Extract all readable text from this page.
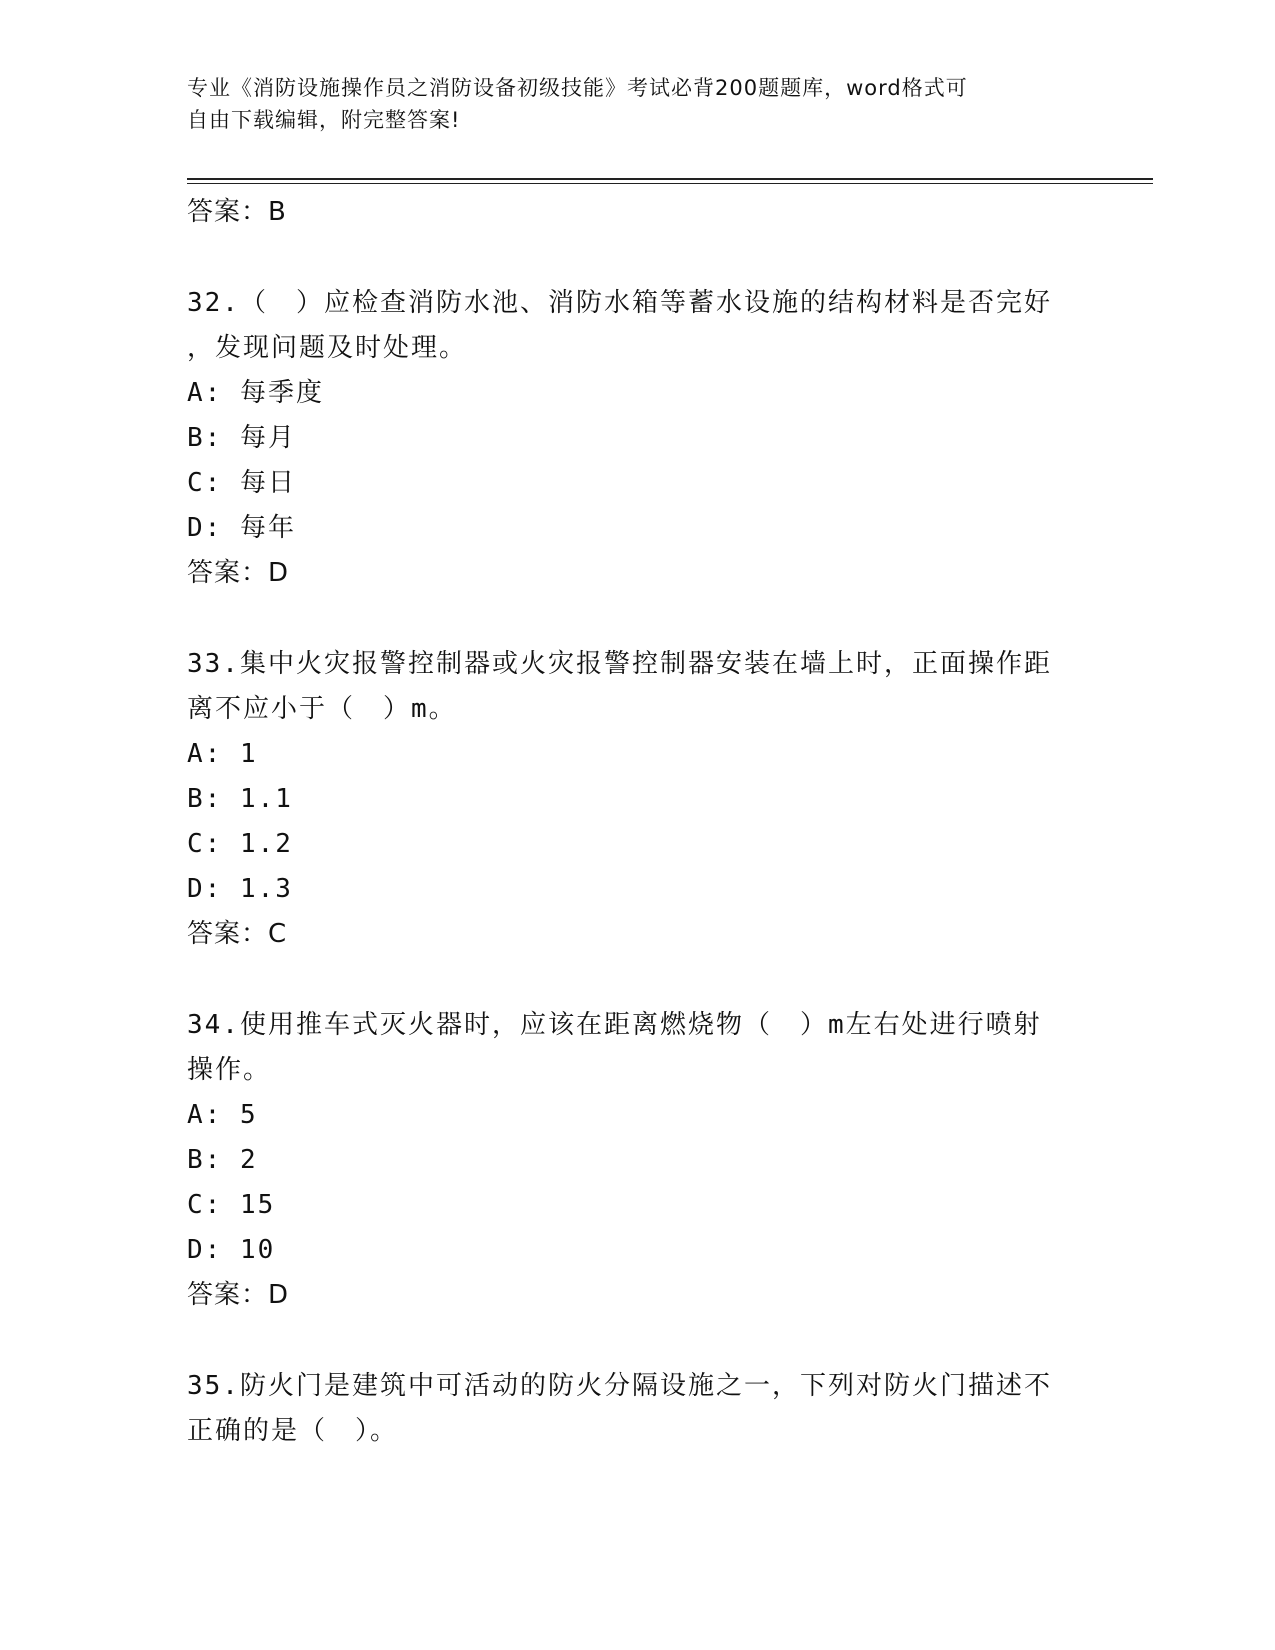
专业《消防设施操作员之消防设备初级技能》考试必背200题题库，word格式可
自由下载编辑，附完整答案!
答案：B
32.（　）应检查消防水池、消防水箱等蓄水设施的结构材料是否完好
，发现问题及时处理。
A: 每季度
B: 每月
C: 每日
D: 每年
答案：D
33.集中火灾报警控制器或火灾报警控制器安装在墙上时，正面操作距
离不应小于（　）m。
A: 1
B: 1.1
C: 1.2
D: 1.3
答案：C
34.使用推车式灭火器时，应该在距离燃烧物（　）m左右处进行喷射
操作。
A: 5
B: 2
C: 15
D: 10
答案：D
35.防火门是建筑中可活动的防火分隔设施之一，下列对防火门描述不
正确的是（　）。
